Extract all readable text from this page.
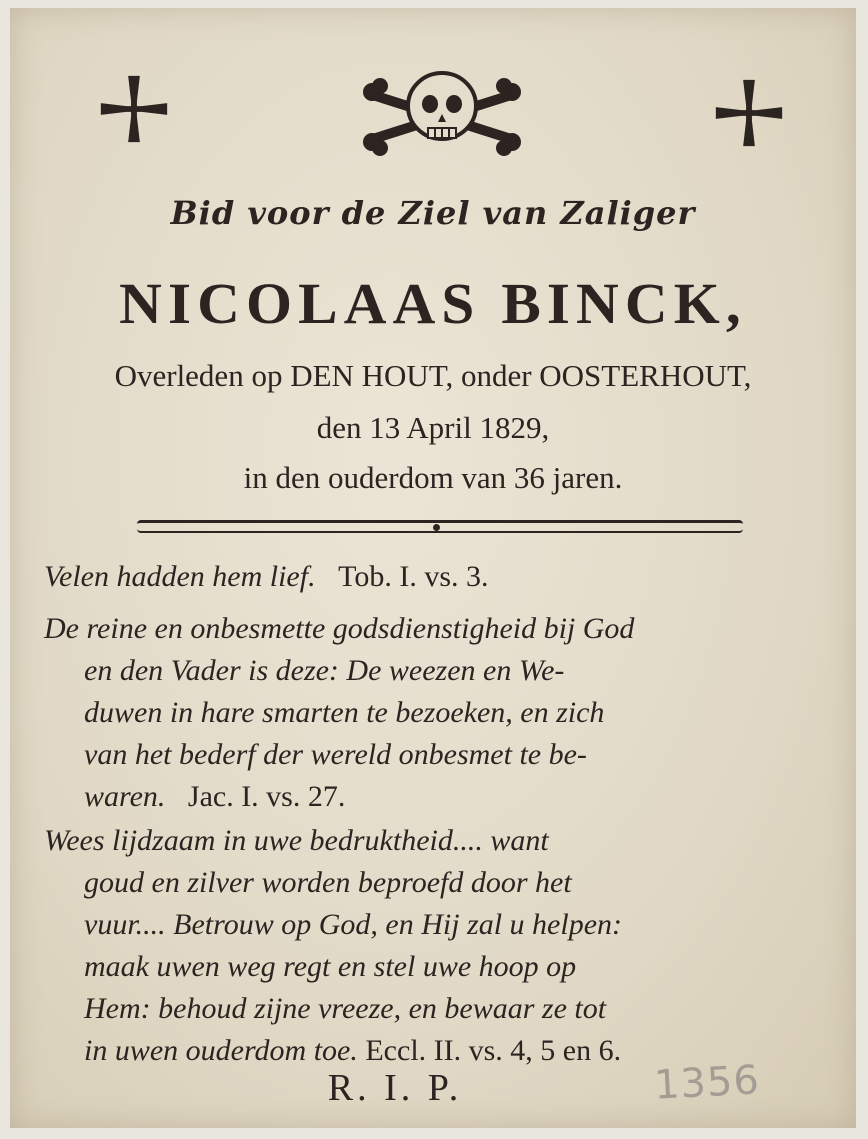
Bid voor de Ziel van Zaliger
NICOLAAS BINCK,
Overleden op DEN HOUT, onder OOSTERHOUT,
den 13 April 1829,
in den ouderdom van 36 jaren.
Velen hadden hem lief. Tob. I. vs. 3.
De reine en onbesmette godsdienstigheid bij God
en den Vader is deze: De weezen en We-
duwen in hare smarten te bezoeken, en zich
van het bederf der wereld onbesmet te be-
waren. Jac. I. vs. 27.
Wees lijdzaam in uwe bedruktheid.... want
goud en zilver worden beproefd door het
vuur.... Betrouw op God, en Hij zal u helpen:
maak uwen weg regt en stel uwe hoop op
Hem: behoud zijne vreeze, en bewaar ze tot
in uwen ouderdom toe. Eccl. II. vs. 4, 5 en 6.
R. I. P.	1356
